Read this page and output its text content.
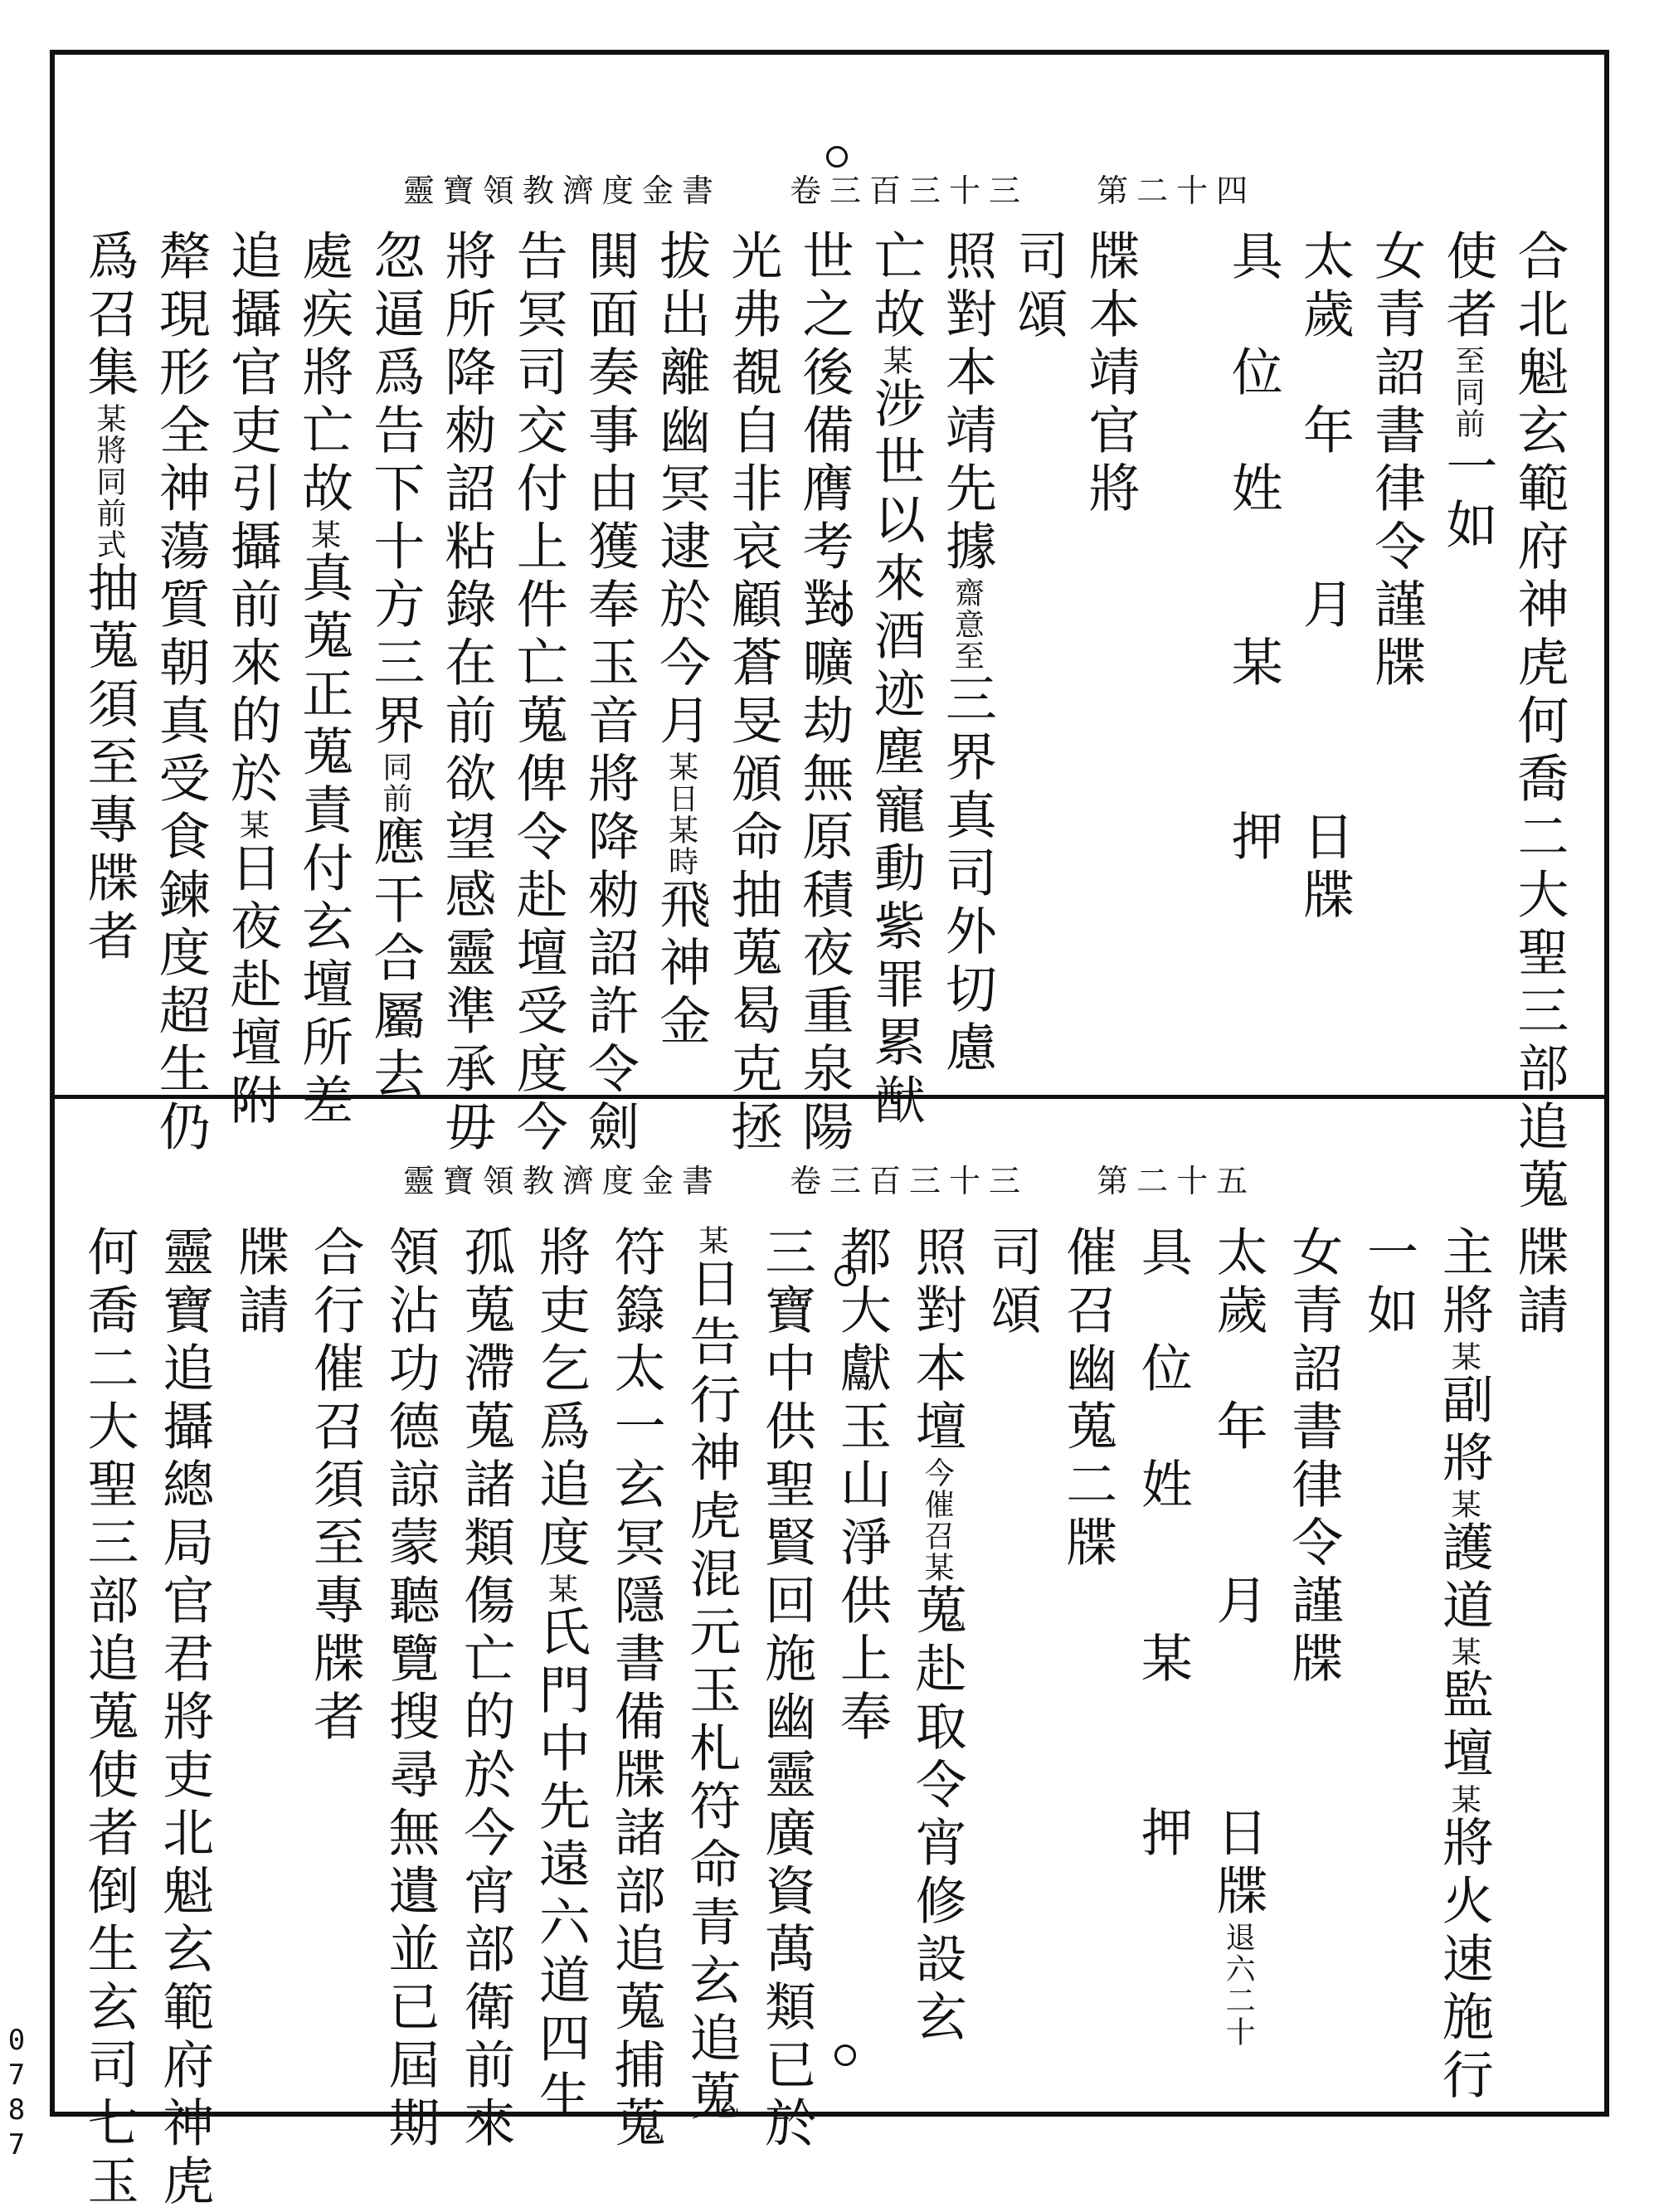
靈寶領教濟度金書 卷三百三十三 第二十四
合北魁玄範府神虎何喬二大聖三部追蒐
使者至同前一如
女青詔書律令謹牒
太歲　年　　月　　　日牒
具　位　姓　　某　　押
牒本靖官將
司頌
照對本靖先據齋意至三界真司外切慮
亡故某涉世以來酒迹塵寵動紫罪累猷
世之後備膺考對曠劫無原積夜重泉陽
光弗覩自非哀顧蒼旻頒命抽蒐曷克拯
拔出離幽冥逮於今月某日某時飛神金
閧面奏事由獲奉玉音將降勑詔許令劍
告冥司交付上件亡蒐俾令赴壇受度今
將所降勑詔粘錄在前欲望感靈準承毋
忽逼爲告下十方三界同前應干合屬去
處疾將亡故某真蒐正蒐責付玄壇所差
追攝官吏引攝前來的於某日夜赴壇附
犛現形全神蕩質朝真受食鍊度超生仍
爲召集某將同前式抽蒐須至專牒者
靈寶領教濟度金書 卷三百三十三 第二十五
牒請
主將某副將某護道某監壇某將火速施行
一如
女青詔書律令謹牒
太歲　年　　月　　　日牒退六二十
具　位　姓　　某　　押
催召幽蒐二牒
司頌
照對本壇今催召某蒐赴取令宵修設玄
都大獻玉山淨供上奉
三寶中供聖賢回施幽靈廣資萬類已於
某日告行神虎混元玉札符命青玄追蒐
符籙太一玄冥隱書備牒諸部追蒐捕蒐
將吏乞爲追度某氏門中先遠六道四生
孤蒐滯蒐諸類傷亡的於今宵部衛前來
領沾功德諒蒙聽覽搜尋無遺並已屆期
合行催召須至專牒者
牒請
靈寶追攝總局官君將吏北魁玄範府神虎
何喬二大聖三部追蒐使者倒生玄司七玉
0787
